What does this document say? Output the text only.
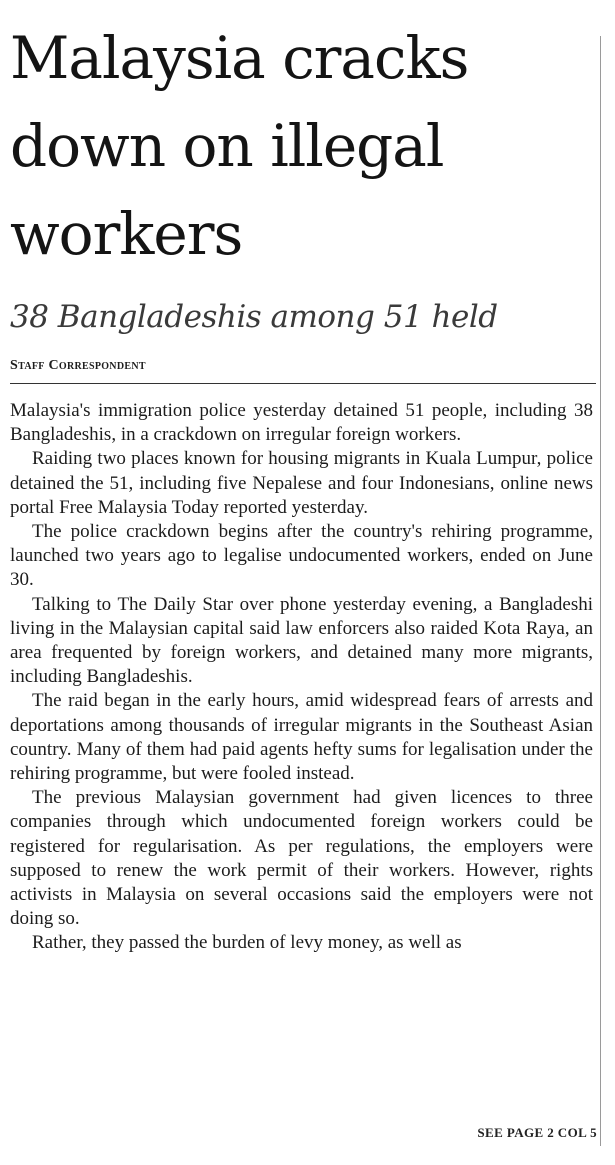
Malaysia cracks
down on illegal
workers
38 Bangladeshis among 51 held
Staff Correspondent

Malaysia's immigration police yesterday detained 51 people, including 38 Bangladeshis, in a crackdown on irregular foreign workers.

Raiding two places known for housing migrants in Kuala Lumpur, police detained the 51, including five Nepalese and four Indonesians, online news portal Free Malaysia Today reported yesterday.

The police crackdown begins after the country's rehiring programme, launched two years ago to legalise undocumented workers, ended on June 30.

Talking to The Daily Star over phone yesterday evening, a Bangladeshi living in the Malaysian capital said law enforcers also raided Kota Raya, an area frequented by foreign workers, and detained many more migrants, including Bangladeshis.

The raid began in the early hours, amid widespread fears of arrests and deportations among thousands of irregular migrants in the Southeast Asian country. Many of them had paid agents hefty sums for legalisation under the rehiring programme, but were fooled instead.

The previous Malaysian government had given licences to three companies through which undocumented foreign workers could be registered for regularisation. As per regulations, the employers were supposed to renew the work permit of their workers. However, rights activists in Malaysia on several occasions said the employers were not doing so.

Rather, they passed the burden of levy money, as well as

SEE PAGE 2 COL 5
